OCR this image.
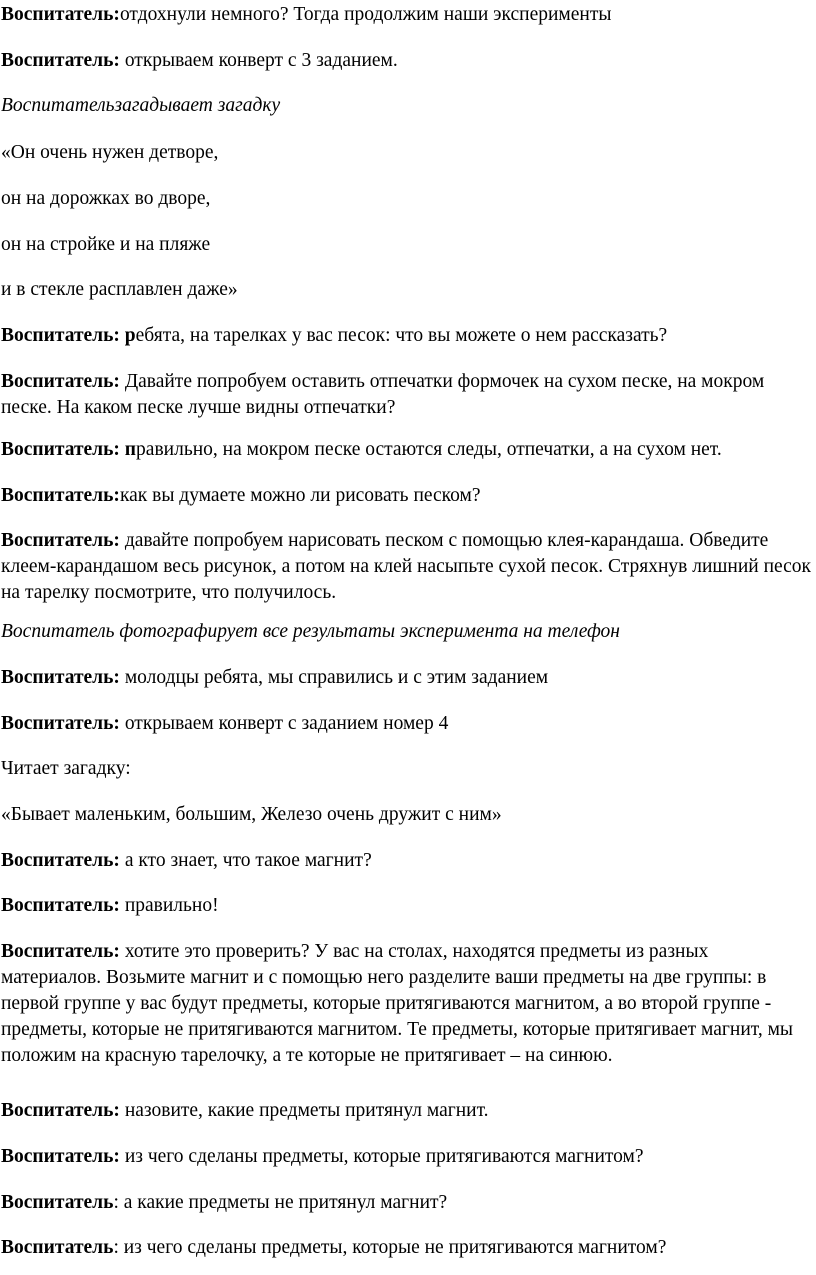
Воспитатель:отдохнули немного? Тогда продолжим наши эксперименты

Воспитатель: открываем конверт с 3 заданием.

Воспитательзагадывает загадку

«Он очень нужен детворе,

он на дорожках во дворе,

он на стройке и на пляже

и в стекле расплавлен даже»

Воспитатель: ребята, на тарелках у вас песок: что вы можете о нем рассказать?

Воспитатель: Давайте попробуем оставить отпечатки формочек на сухом песке, на мокром песке. На каком песке лучше видны отпечатки?

Воспитатель: правильно, на мокром песке остаются следы, отпечатки, а на сухом нет.

Воспитатель:как вы думаете можно ли рисовать песком?

Воспитатель: давайте попробуем нарисовать песком с помощью клея-карандаша. Обведите клеем-карандашом весь рисунок, а потом на клей насыпьте сухой песок. Стряхнув лишний песок на тарелку посмотрите, что получилось.

Воспитатель фотографирует все результаты эксперимента на телефон

Воспитатель: молодцы ребята, мы справились и с этим заданием

Воспитатель: открываем конверт с заданием номер 4

Читает загадку:

«Бывает маленьким, большим, Железо очень дружит с ним»

Воспитатель: а кто знает, что такое магнит?

Воспитатель: правильно!

Воспитатель: хотите это проверить? У вас на столах, находятся предметы из разных материалов. Возьмите магнит и с помощью него разделите ваши предметы на две группы: в первой группе у вас будут предметы, которые притягиваются магнитом, а во второй группе - предметы, которые не притягиваются магнитом. Те предметы, которые притягивает магнит, мы положим на красную тарелочку, а те которые не притягивает – на синюю.

Воспитатель: назовите, какие предметы притянул магнит.

Воспитатель: из чего сделаны предметы, которые притягиваются магнитом?

Воспитатель: а какие предметы не притянул магнит?

Воспитатель: из чего сделаны предметы, которые не притягиваются магнитом?
